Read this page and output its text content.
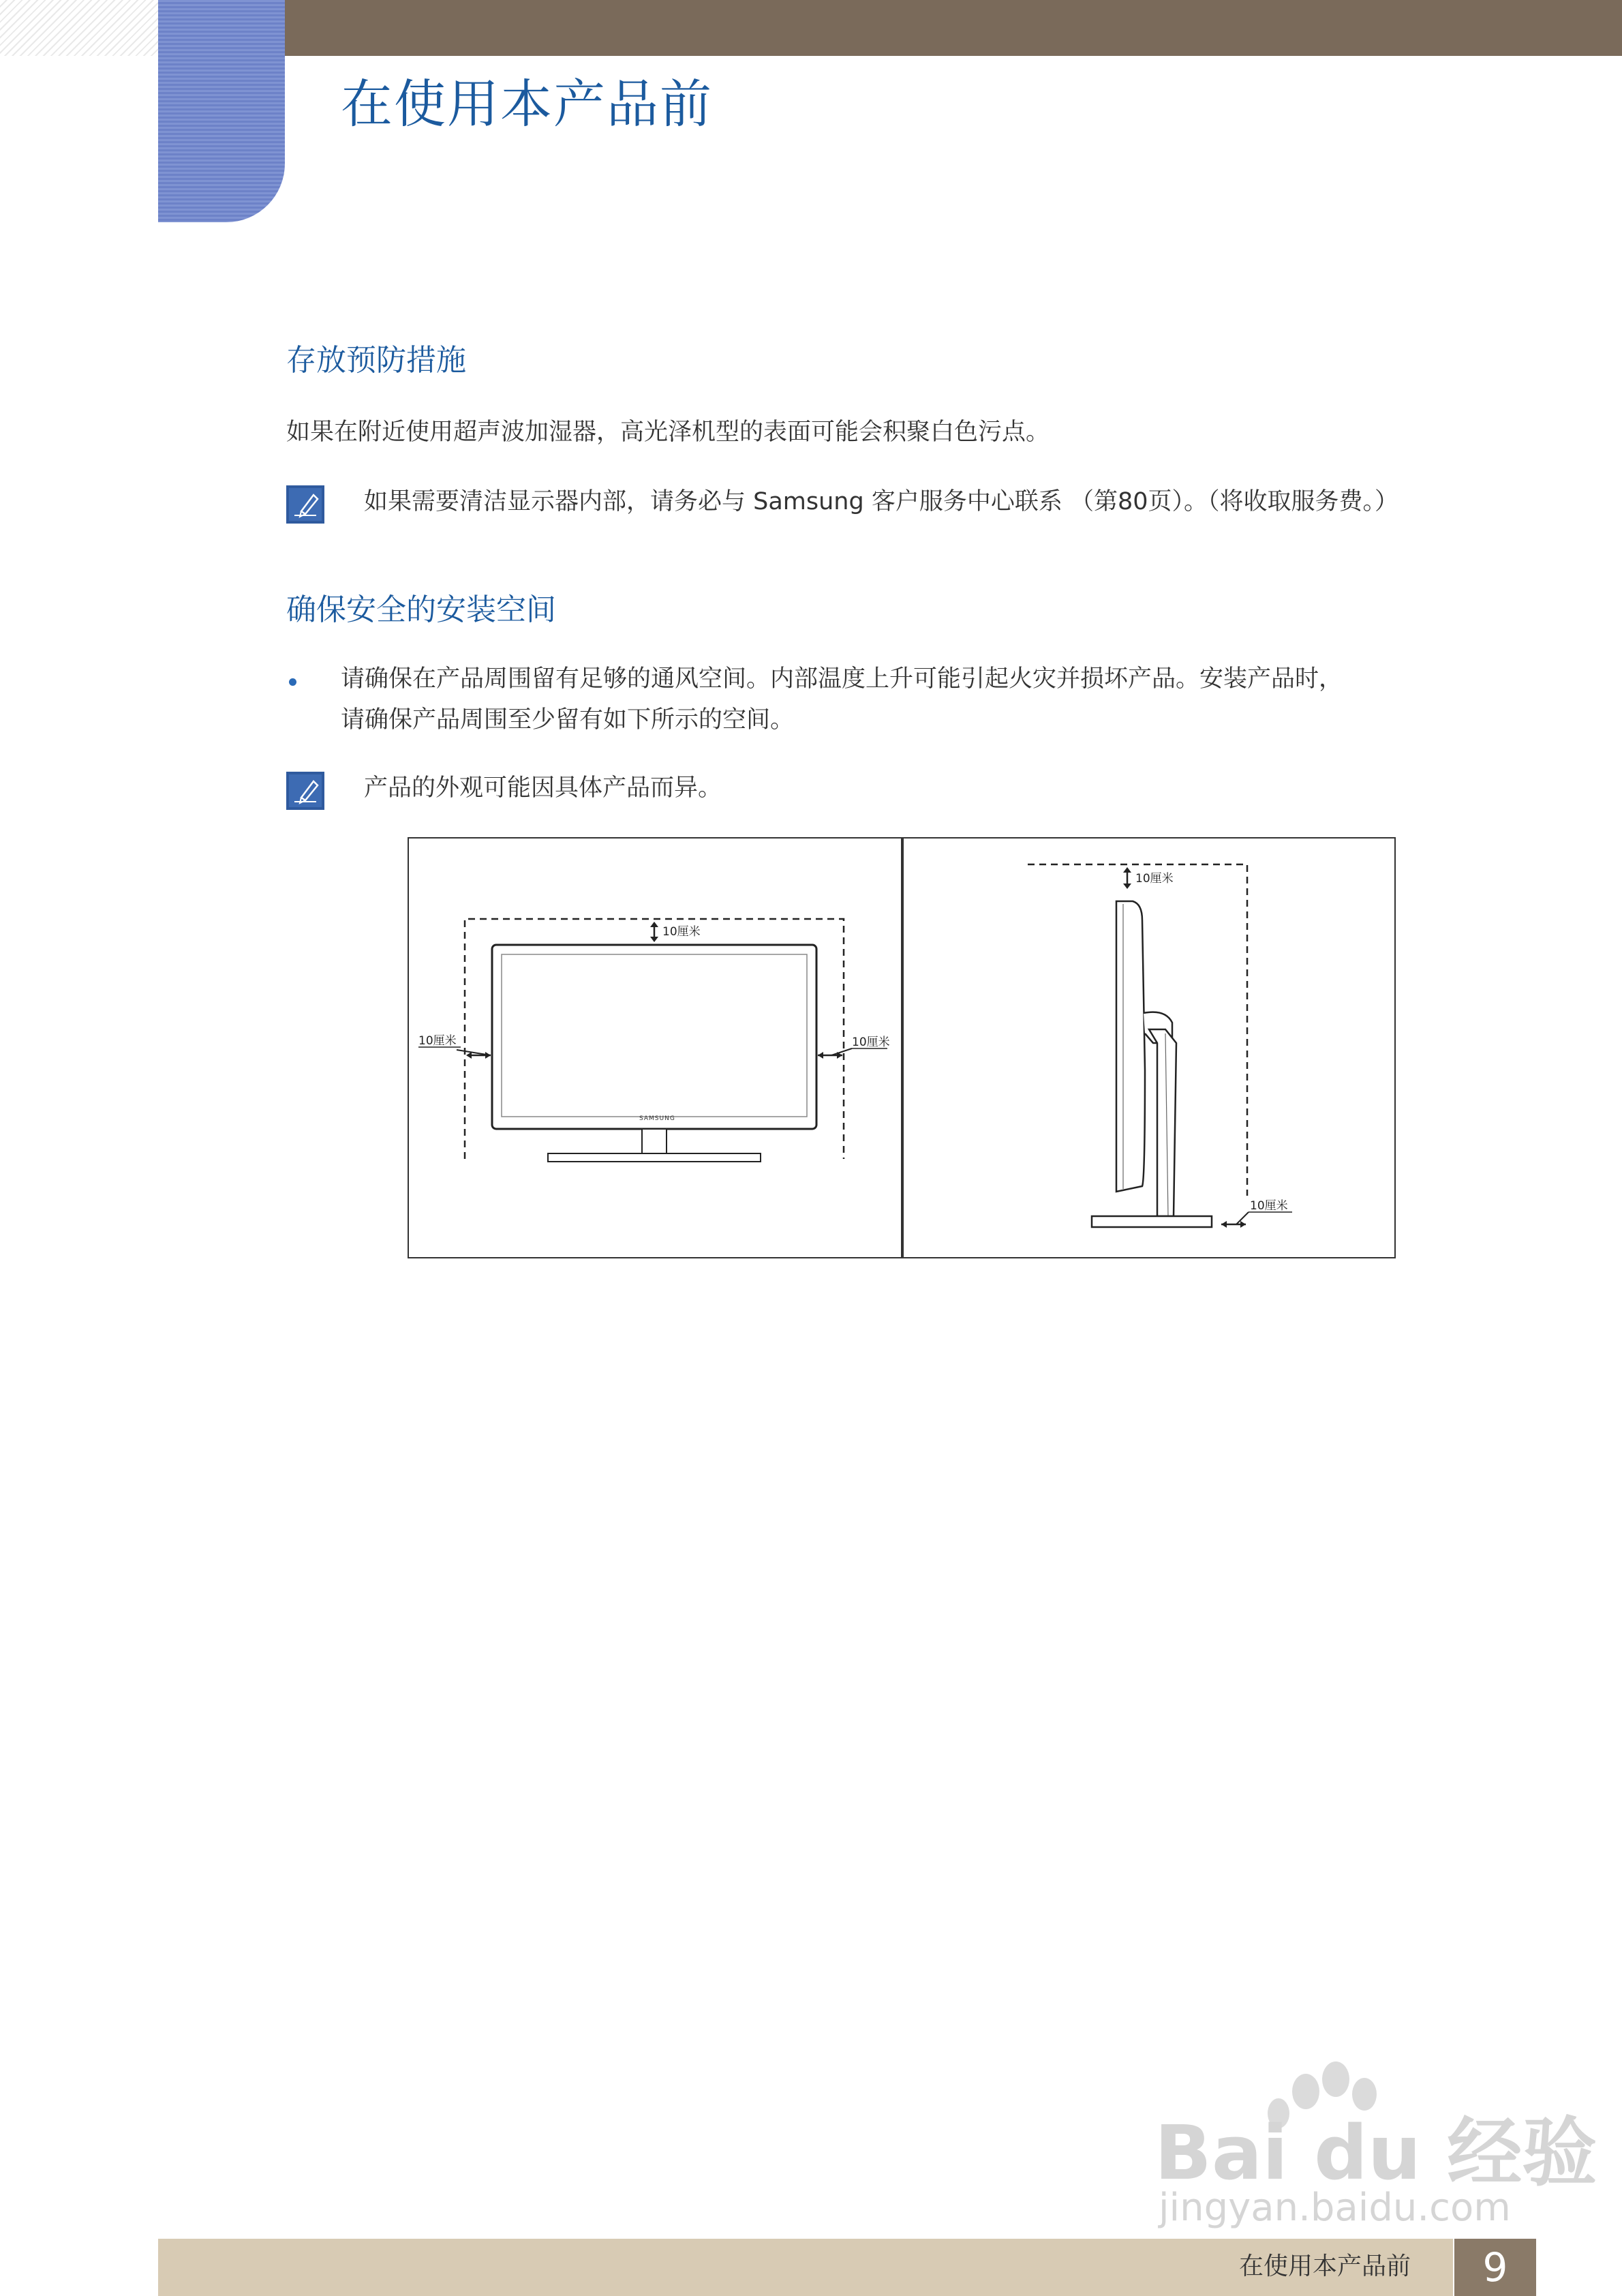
在使用本产品前
存放预防措施

如果在附近使用超声波加湿器，高光泽机型的表面可能会积聚白色污点。

如果需要清洁显示器内部，请务必与 Samsung 客户服务中心联系 （第80页）。（将收取服务费。）

确保安全的安装空间

请确保在产品周围留有足够的通风空间。内部温度上升可能引起火灾并损坏产品。安装产品时，

请确保产品周围至少留有如下所示的空间。

产品的外观可能因具体产品而异。

10厘米
10厘米	10厘米
SAMSUNG
10厘米
10厘米
Bai du 经验
jingyan.baidu.com
在使用本产品前	9
